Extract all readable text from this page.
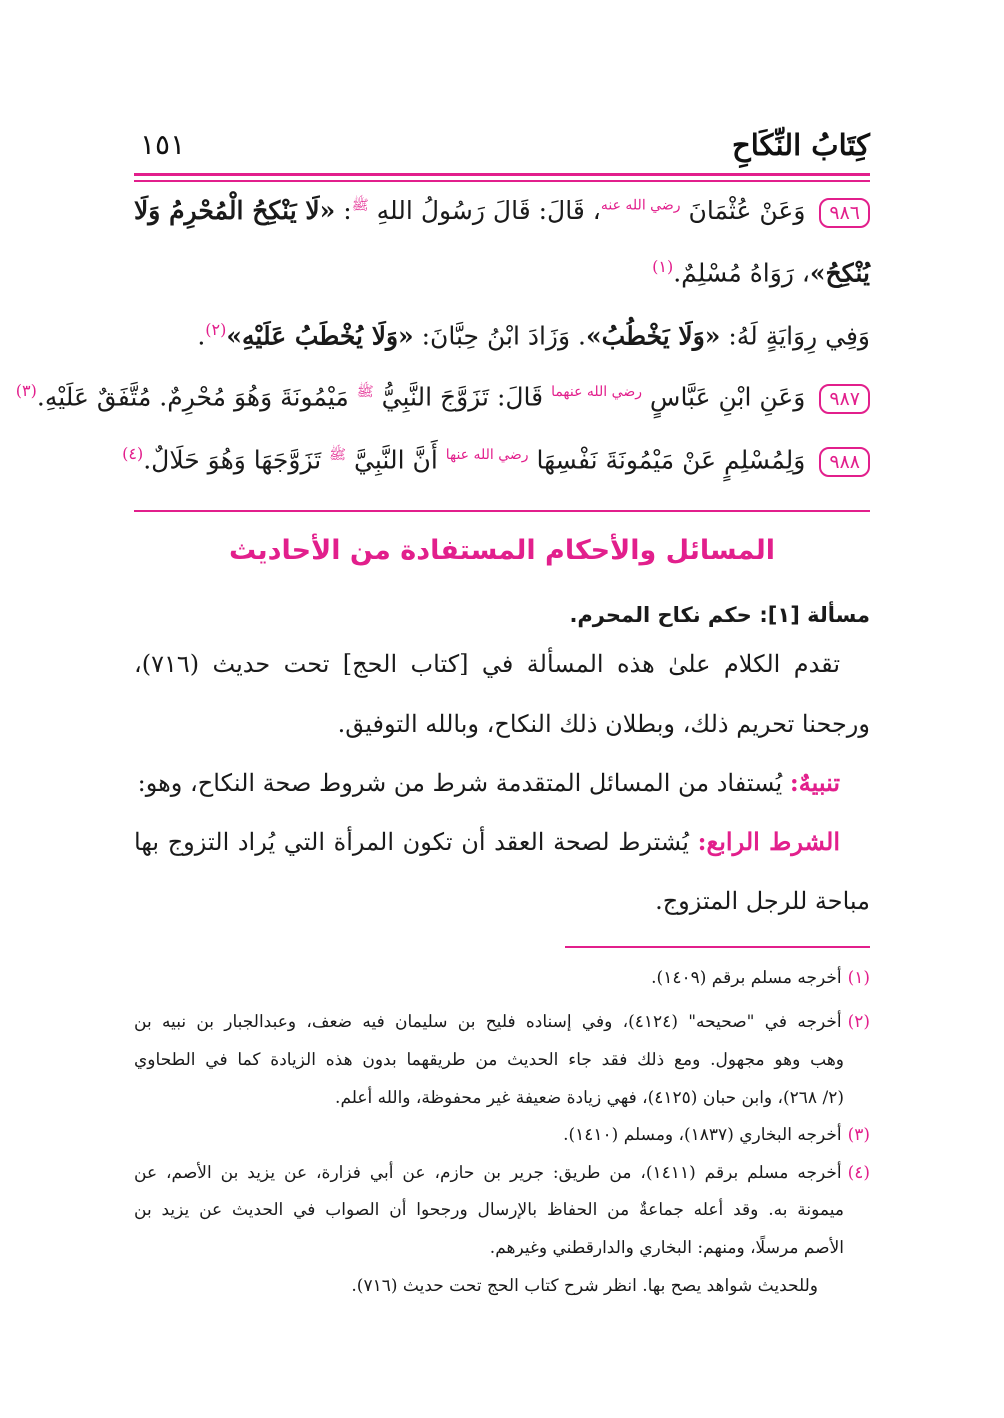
كِتَابُ النِّكَاحِ
١٥١
٩٨٦وَعَنْ عُثْمَانَ $^{رضي الله عنه}$، قَالَ: قَالَ رَسُولُ اللهِ $^ﷺ$: «لَا يَنْكِحُ الْمُحْرِمُ وَلَا
يُنْكِحُ»، رَوَاهُ مُسْلِمٌ.$^{(١)}$
وَفِي رِوَايَةٍ لَهُ: «وَلَا يَخْطُبُ». وَزَادَ ابْنُ حِبَّانَ: «وَلَا يُخْطَبُ عَلَيْهِ»$^{(٢)}$.
٩٨٧وَعَنِ ابْنِ عَبَّاسٍ $^{رضي الله عنهما}$ قَالَ: تَزَوَّجَ النَّبِيُّ $^ﷺ$ مَيْمُونَةَ وَهُوَ مُحْرِمٌ. مُتَّفَقٌ عَلَيْهِ.$^{(٣)}$
٩٨٨وَلِمُسْلِمٍ عَنْ مَيْمُونَةَ نَفْسِهَا $^{رضي الله عنها}$ أَنَّ النَّبِيَّ $^ﷺ$ تَزَوَّجَهَا وَهُوَ حَلَالٌ.$^{(٤)}$
المسائل والأحكام المستفادة من الأحاديث
مسألة [١]: حكم نكاح المحرم.
تقدم الكلام علىٰ هذه المسألة في [كتاب الحج] تحت حديث (٧١٦)،
ورجحنا تحريم ذلك، وبطلان ذلك النكاح، وبالله التوفيق.
تنبيهٌ: يُستفاد من المسائل المتقدمة شرط من شروط صحة النكاح، وهو:
الشرط الرابع: يُشترط لصحة العقد أن تكون المرأة التي يُراد التزوج بها
مباحة للرجل المتزوج.
(١)أخرجه مسلم برقم (١٤٠٩).
(٢)أخرجه في "صحيحه" (٤١٢٤)، وفي إسناده فليح بن سليمان فيه ضعف، وعبدالجبار بن نبيه بن
وهب وهو مجهول. ومع ذلك فقد جاء الحديث من طريقهما بدون هذه الزيادة كما في الطحاوي
(٢/ ٢٦٨)، وابن حبان (٤١٢٥)، فهي زيادة ضعيفة غير محفوظة، والله أعلم.
(٣)أخرجه البخاري (١٨٣٧)، ومسلم (١٤١٠).
(٤)أخرجه مسلم برقم (١٤١١)، من طريق: جرير بن حازم، عن أبي فزارة، عن يزيد بن الأصم، عن
ميمونة به. وقد أعله جماعةٌ من الحفاظ بالإرسال ورجحوا أن الصواب في الحديث عن يزيد بن
الأصم مرسلًا، ومنهم: البخاري والدارقطني وغيرهم.
وللحديث شواهد يصح بها. انظر شرح كتاب الحج تحت حديث (٧١٦).
